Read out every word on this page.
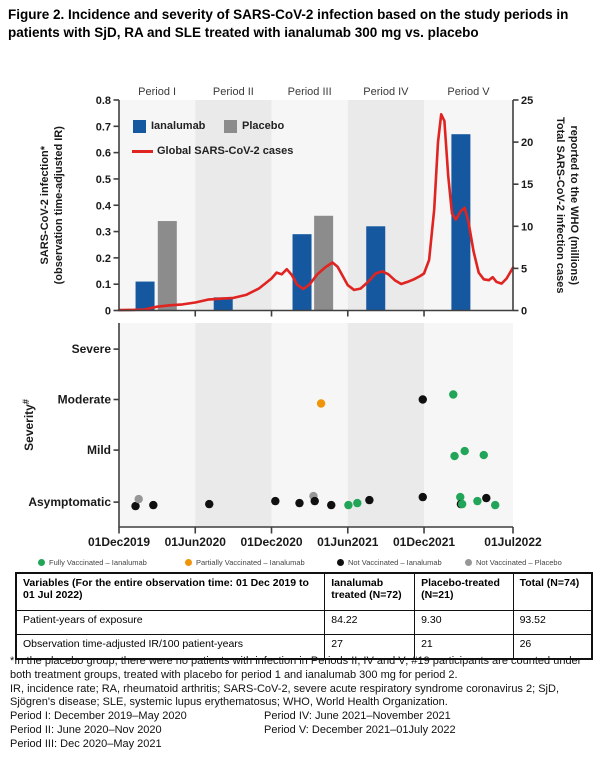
Figure 2. Incidence and severity of SARS-CoV-2 infection based on the study periods in patients with SjD, RA and SLE treated with ianalumab 300 mg vs. placebo
Period I	Period II	Period III	Period IV	Period V
0
0.1
0.2
0.3
0.4
0.5
0.6
0.7
0.8
0
5
10
15
20
25
SARS-CoV-2 infection* (observation time-adjusted IR)	Total SARS-CoV-2 infection cases reported to the WHO (millions)
Severe
Moderate
Mild
Asymptomatic
01Dec2019 01Jun2020 01Dec2020 01Jun2021 01Dec2021 01Jul2022
Severity#
Ianalumab	Placebo
Global SARS-CoV-2 cases
Fully Vaccinated – Ianalumab	Partially Vaccinated – Ianalumab	Not Vaccinated – Ianalumab	Not Vaccinated – Placebo
Variables (For the entire observation time: 01 Dec 2019 to 01 Jul 2022)	Ianalumab treated (N=72)	Placebo-treated (N=21)	Total (N=74)
Patient-years of exposure	84.22	9.30	93.52
Observation time-adjusted IR/100 patient-years	27	21	26
*In the placebo group, there were no patients with infection in Periods II, IV and V; #19 participants are counted under both treatment groups, treated with placebo for period 1 and ianalumab 300 mg for period 2.
IR, incidence rate; RA, rheumatoid arthritis; SARS-CoV-2, severe acute respiratory syndrome coronavirus 2; SjD, Sjögren's disease; SLE, systemic lupus erythematosus; WHO, World Health Organization.
Period I: December 2019–May 2020
Period II: June 2020–Nov 2020
Period III: Dec 2020–May 2021
Period IV: June 2021–November 2021
Period V: December 2021–01July 2022
